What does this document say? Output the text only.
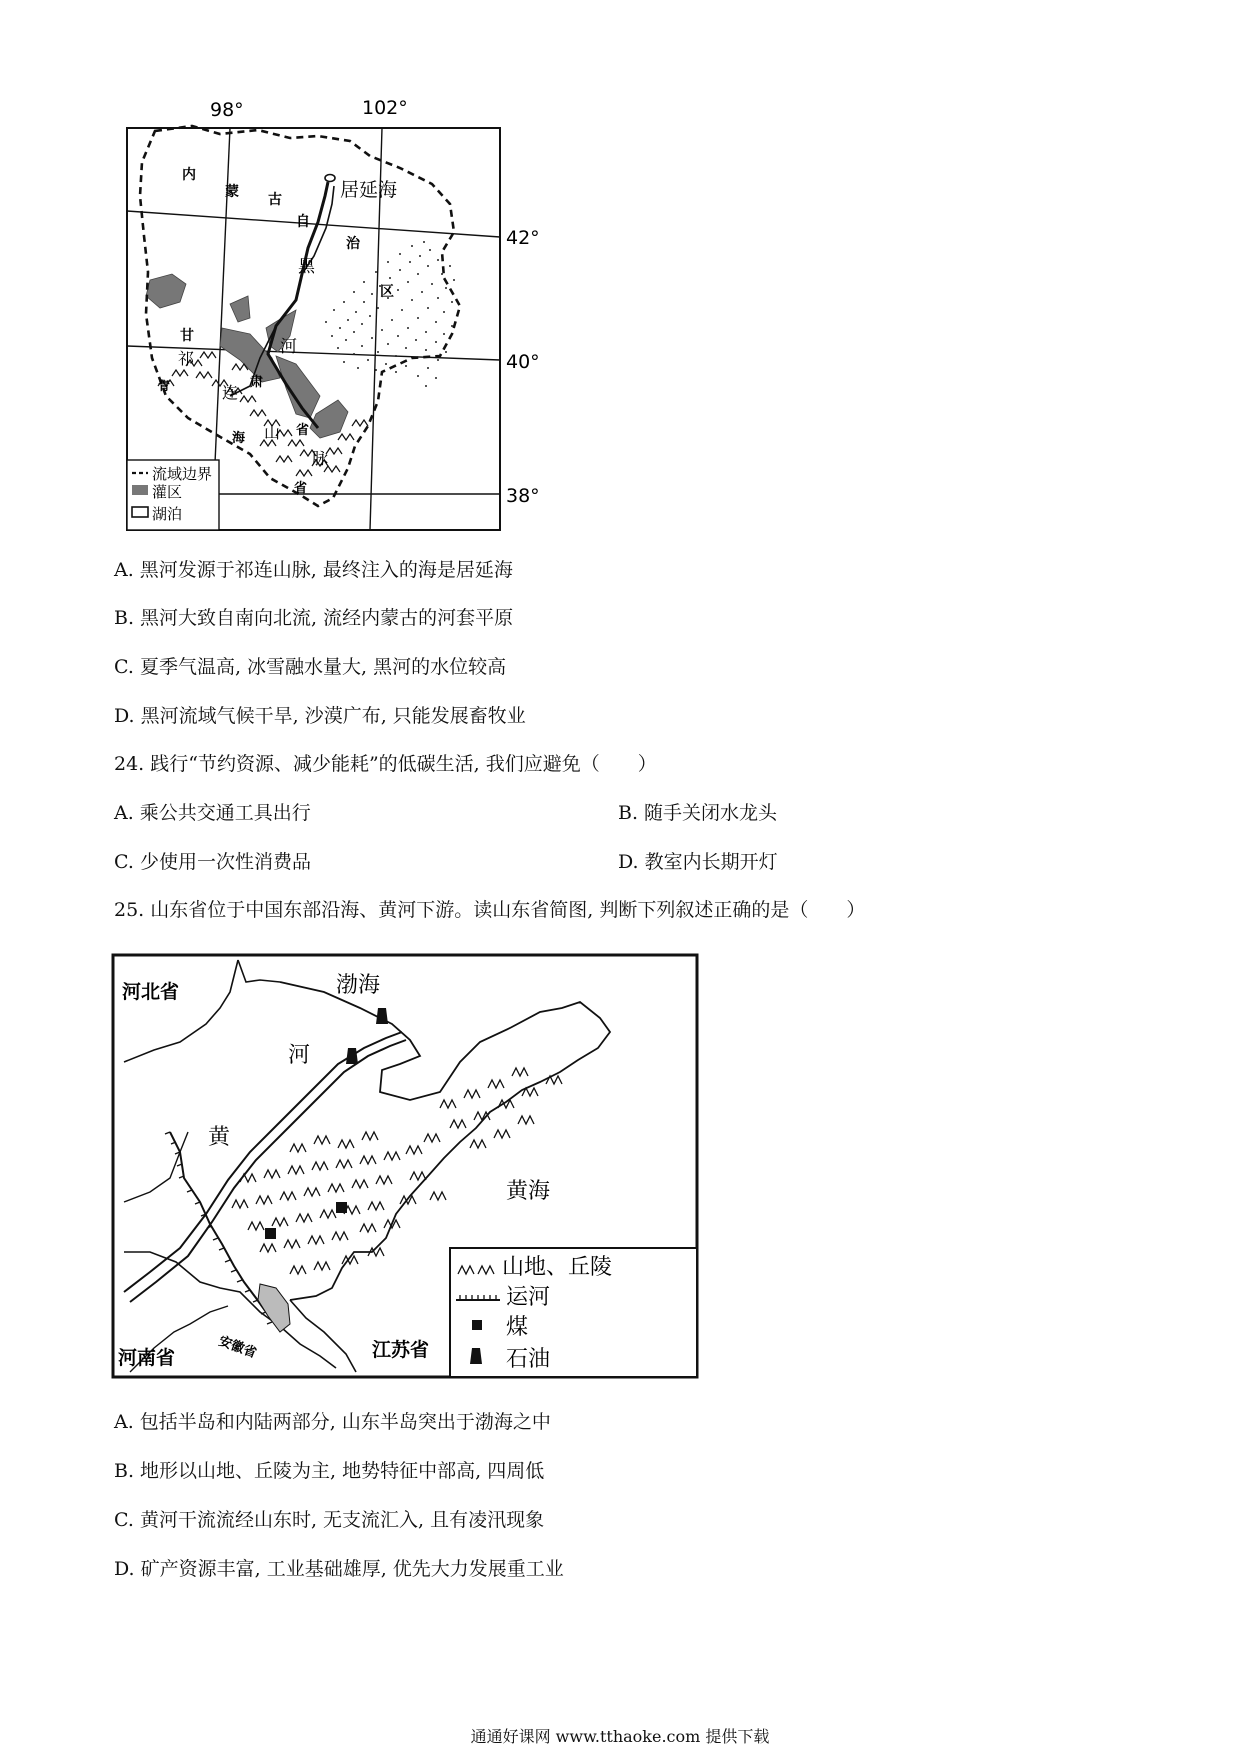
98°	102°
42°
40°
38°
居延海
内
蒙 古
自
治
区
黑
河
甘
肃
省
祁
连
山
脉
青
海
省
流域边界
灌区
湖泊
A. 黑河发源于祁连山脉, 最终注入的海是居延海
B. 黑河大致自南向北流, 流经内蒙古的河套平原
C. 夏季气温高, 冰雪融水量大, 黑河的水位较高
D. 黑河流域气候干旱, 沙漠广布, 只能发展畜牧业
24. 践行“节约资源、减少能耗”的低碳生活, 我们应避免（　　）
A. 乘公共交通工具出行	B. 随手关闭水龙头
C. 少使用一次性消费品	D. 教室内长期开灯
25. 山东省位于中国东部沿海、黄河下游。读山东省简图, 判断下列叙述正确的是（　　）
河北省	渤海
河
黄
黄海
河南省	安徽省	江苏省
山地、丘陵
运河
煤
石油
A. 包括半岛和内陆两部分, 山东半岛突出于渤海之中
B. 地形以山地、丘陵为主, 地势特征中部高, 四周低
C. 黄河干流流经山东时, 无支流汇入, 且有凌汛现象
D. 矿产资源丰富, 工业基础雄厚, 优先大力发展重工业
通通好课网 www.tthaoke.com 提供下载
